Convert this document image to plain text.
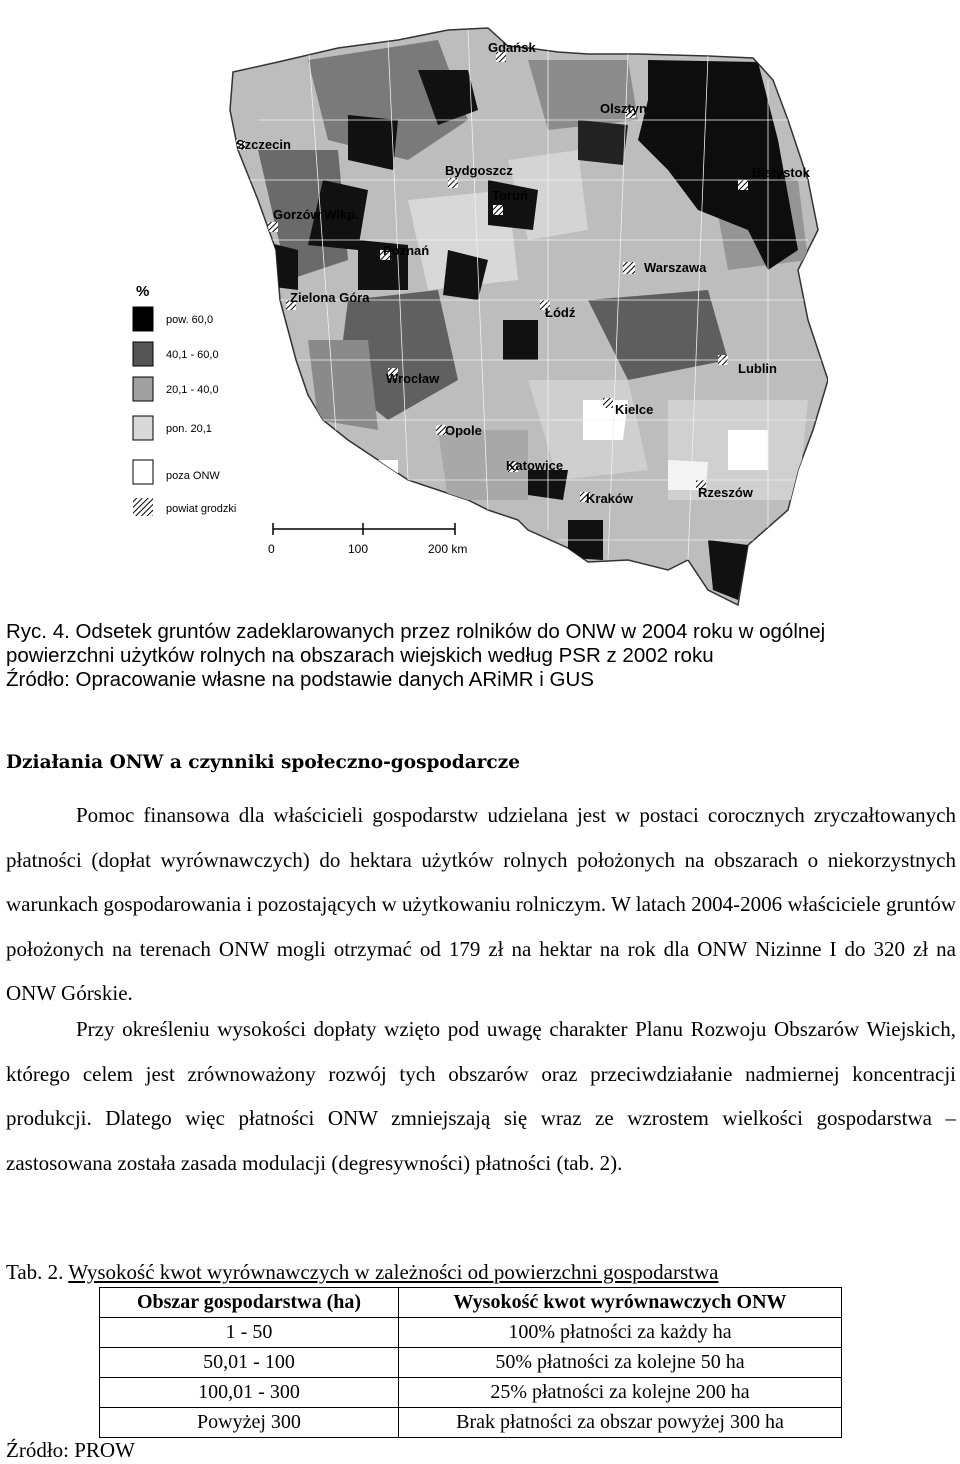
Gdańsk
Olsztyn
Szczecin
Białystok
Bydgoszcz
Toruń
Gorzów Wlkp.
Poznań
Warszawa
Zielona Góra
Łódź
Lublin
Wrocław
Kielce
Opole
Katowice
Rzeszów
Kraków
%
pow. 60,0
40,1 - 60,0
20,1 - 40,0
pon. 20,1
poza ONW
powiat grodzki
0	100	200 km
Ryc. 4. Odsetek gruntów zadeklarowanych przez rolników do ONW w 2004 roku w ogólnej
powierzchni użytków rolnych na obszarach wiejskich według PSR z 2002 roku
Źródło: Opracowanie własne na podstawie danych ARiMR i GUS
Działania ONW a czynniki społeczno-gospodarcze

Pomoc finansowa dla właścicieli gospodarstw udzielana jest w postaci corocznych zryczałtowanych płatności (dopłat wyrównawczych) do hektara użytków rolnych położonych na obszarach o niekorzystnych warunkach gospodarowania i pozostających w użytkowaniu rolniczym. W latach 2004-2006 właściciele gruntów położonych na terenach ONW mogli otrzymać od 179 zł na hektar na rok dla ONW Nizinne I do 320 zł na ONW Górskie.

Przy określeniu wysokości dopłaty wzięto pod uwagę charakter Planu Rozwoju Obszarów Wiejskich, którego celem jest zrównoważony rozwój tych obszarów oraz przeciwdziałanie nadmiernej koncentracji produkcji. Dlatego więc płatności ONW zmniejszają się wraz ze wzrostem wielkości gospodarstwa – zastosowana została zasada modulacji (degresywności) płatności (tab. 2).

Tab. 2. Wysokość kwot wyrównawczych w zależności od powierzchni gospodarstwa
Obszar gospodarstwa (ha)	Wysokość kwot wyrównawczych ONW
1 - 50	100% płatności za każdy ha
50,01 - 100	50% płatności za kolejne 50 ha
100,01 - 300	25% płatności za kolejne 200 ha
Powyżej 300	Brak płatności za obszar powyżej 300 ha
Źródło: PROW
